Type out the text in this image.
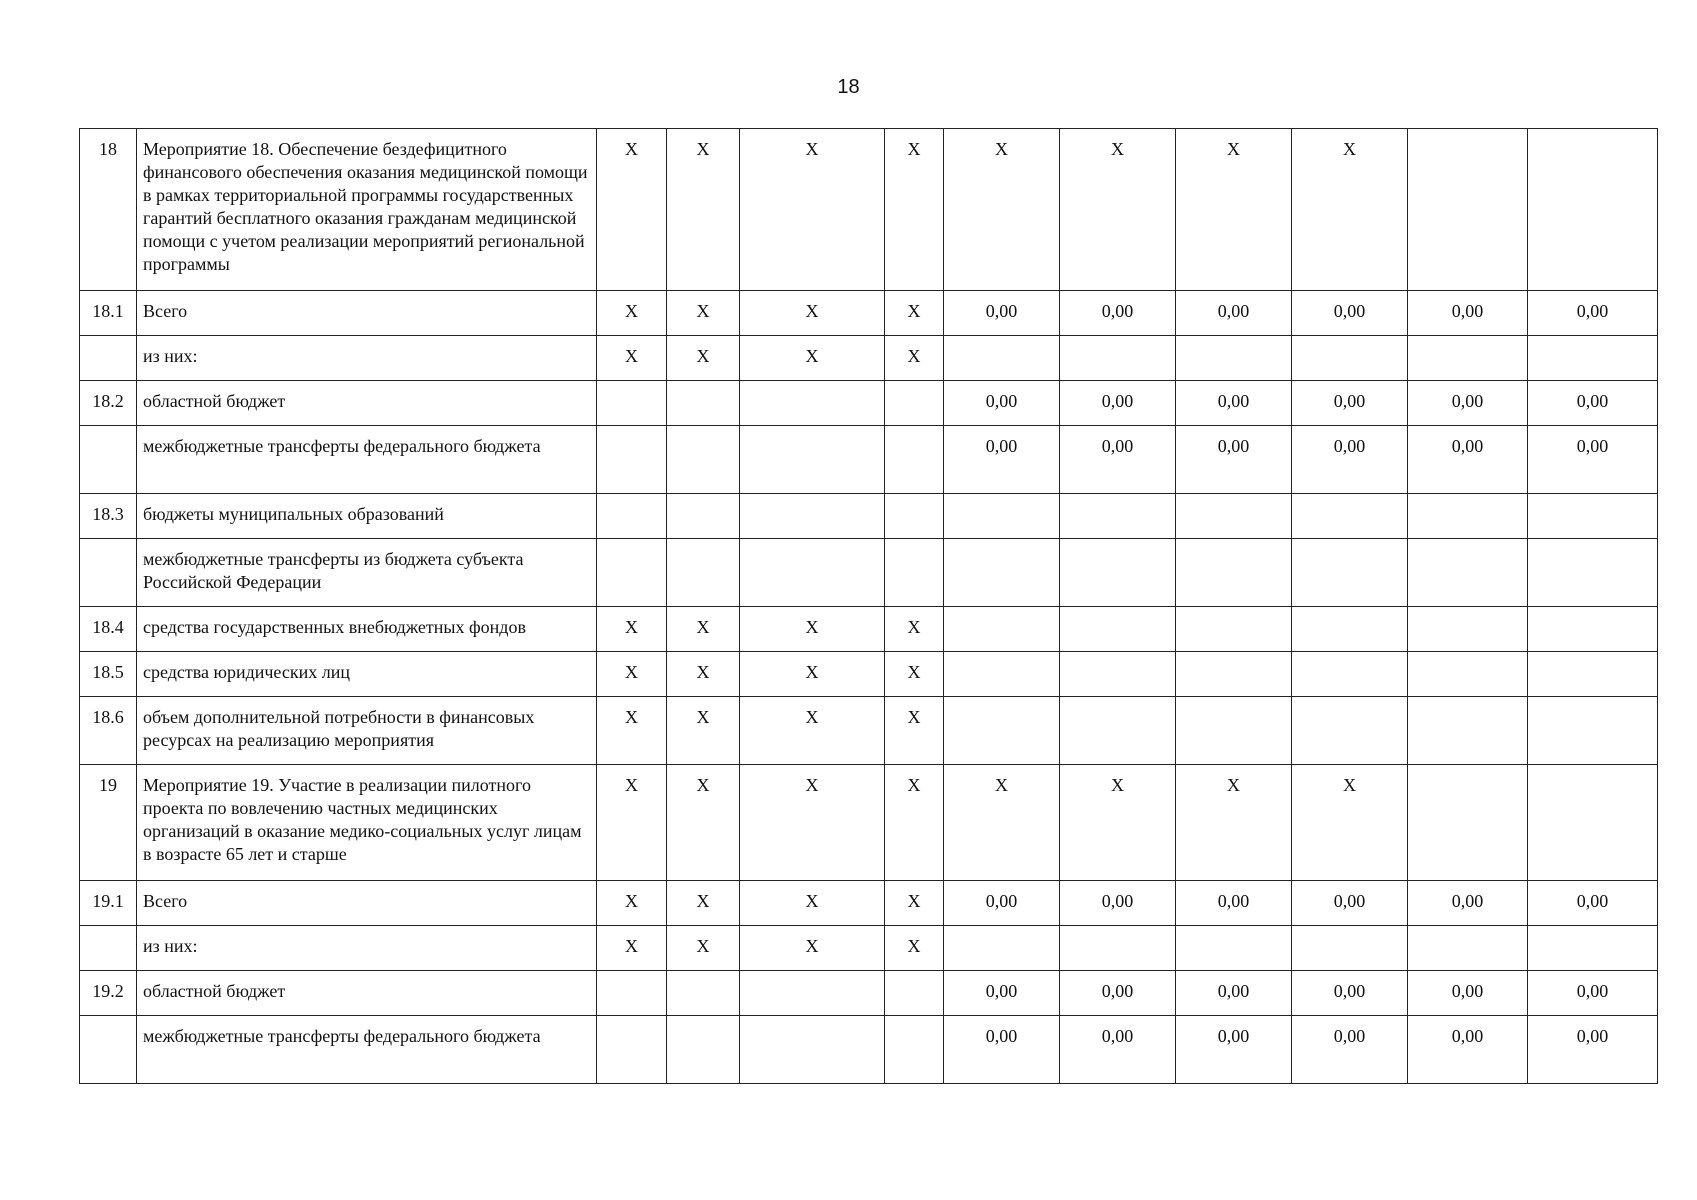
18
18	Мероприятие 18. Обеспечение бездефицитного финансового обеспечения оказания медицинской помощи в рамках территориальной программы государственных гарантий бесплатного оказания гражданам медицинской помощи с учетом реализации мероприятий региональной программы	Х	Х	Х	Х	Х	Х	Х	Х		
18.1	Всего	Х	Х	Х	Х	0,00	0,00	0,00	0,00	0,00	0,00
	из них:	Х	Х	Х	Х						
18.2	областной бюджет					0,00	0,00	0,00	0,00	0,00	0,00
	межбюджетные трансферты федерального бюджета					0,00	0,00	0,00	0,00	0,00	0,00
18.3	бюджеты муниципальных образований										
	межбюджетные трансферты из бюджета субъекта Российской Федерации										
18.4	средства государственных внебюджетных фондов	Х	Х	Х	Х						
18.5	средства юридических лиц	Х	Х	Х	Х						
18.6	объем дополнительной потребности в финансовых ресурсах на реализацию мероприятия	Х	Х	Х	Х						
19	Мероприятие 19. Участие в реализации пилотного проекта по вовлечению частных медицинских организаций в оказание медико-социальных услуг лицам в возрасте 65 лет и старше	Х	Х	Х	Х	Х	Х	Х	Х		
19.1	Всего	Х	Х	Х	Х	0,00	0,00	0,00	0,00	0,00	0,00
	из них:	Х	Х	Х	Х						
19.2	областной бюджет					0,00	0,00	0,00	0,00	0,00	0,00
	межбюджетные трансферты федерального бюджета					0,00	0,00	0,00	0,00	0,00	0,00
